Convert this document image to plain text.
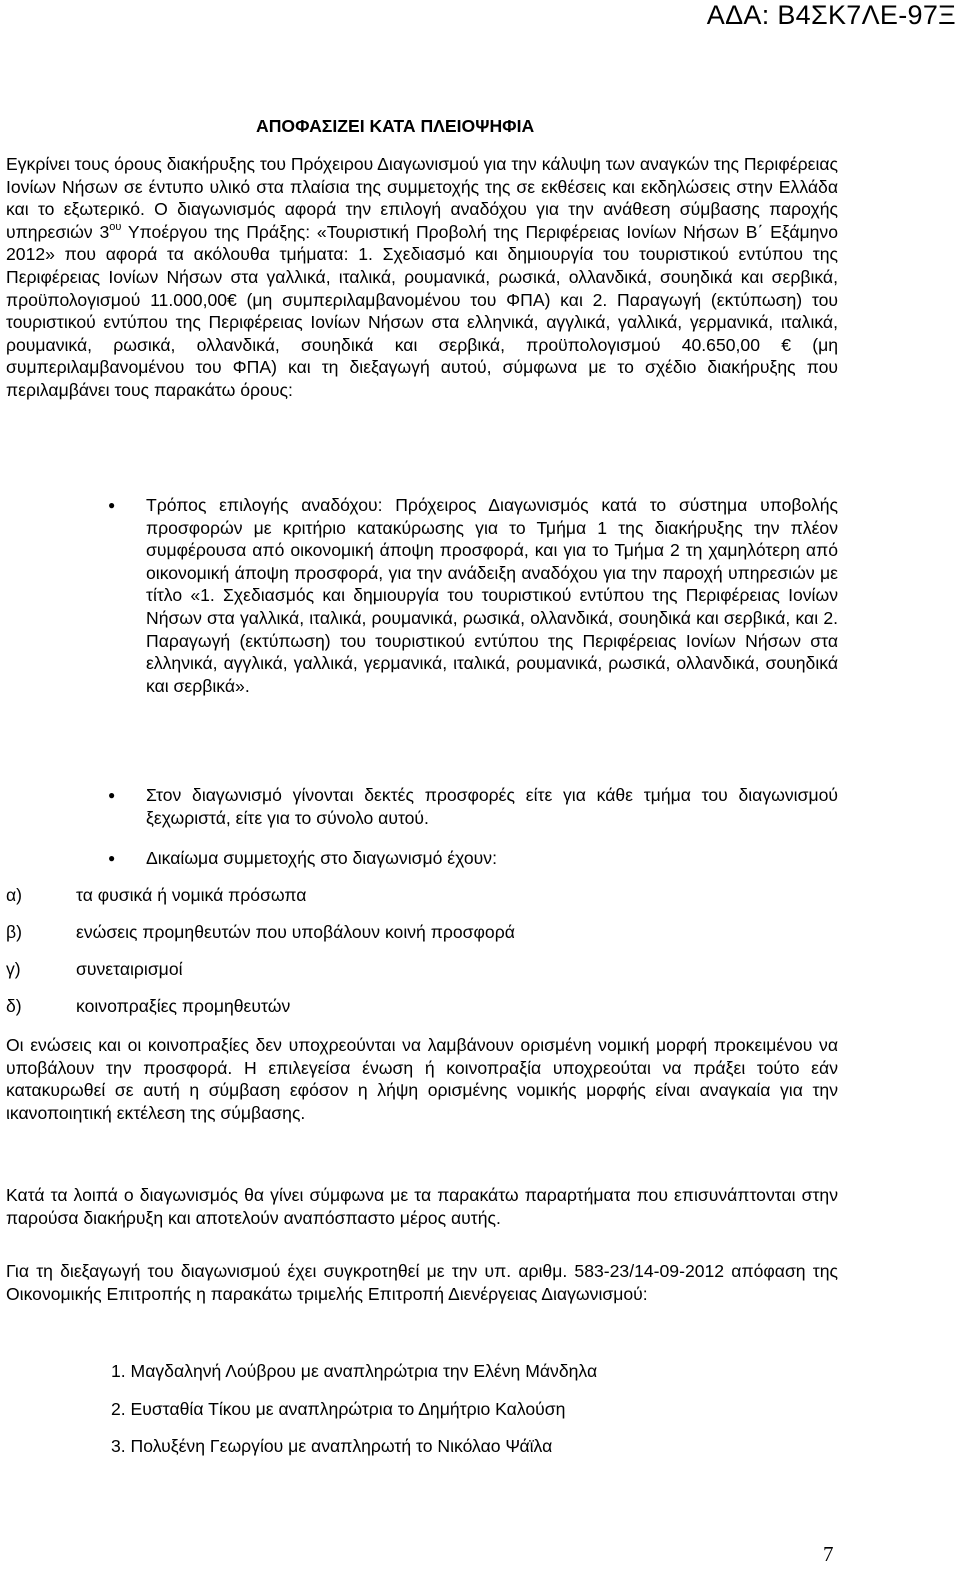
ΑΔΑ: Β4ΣΚ7ΛΕ-97Ξ
ΑΠΟΦΑΣΙΖΕΙ ΚΑΤΑ ΠΛΕΙΟΨΗΦΙΑ
Εγκρίνει τους όρους διακήρυξης του Πρόχειρου Διαγωνισμού για την κάλυψη των αναγκών της Περιφέρειας Ιονίων Νήσων σε έντυπο υλικό στα πλαίσια της συμμετοχής της σε εκθέσεις και εκδηλώσεις στην Ελλάδα και το εξωτερικό. Ο διαγωνισμός αφορά την επιλογή αναδόχου για την ανάθεση σύμβασης παροχής υπηρεσιών $3^{o\upsilon}$ Υποέργου της Πράξης: «Τουριστική Προβολή της Περιφέρειας Ιονίων Νήσων Β΄ Εξάμηνο 2012» που αφορά τα ακόλουθα τμήματα: 1. Σχεδιασμό και δημιουργία του τουριστικού εντύπου της Περιφέρειας Ιονίων Νήσων στα γαλλικά, ιταλικά, ρουμανικά, ρωσικά, ολλανδικά, σουηδικά και σερβικά, προϋπολογισμού 11.000,00€ (μη συμπεριλαμβανομένου του ΦΠΑ) και 2. Παραγωγή (εκτύπωση) του τουριστικού εντύπου της Περιφέρειας Ιονίων Νήσων στα ελληνικά, αγγλικά, γαλλικά, γερμανικά, ιταλικά, ρουμανικά, ρωσικά, ολλανδικά, σουηδικά και σερβικά, προϋπολογισμού 40.650,00 € (μη συμπεριλαμβανομένου του ΦΠΑ) και τη διεξαγωγή αυτού, σύμφωνα με το σχέδιο διακήρυξης που περιλαμβάνει τους παρακάτω όρους:
● Τρόπος επιλογής αναδόχου: Πρόχειρος Διαγωνισμός κατά το σύστημα υποβολής προσφορών με κριτήριο κατακύρωσης για το Τμήμα 1 της διακήρυξης την πλέον συμφέρουσα από οικονομική άποψη προσφορά, και για το Τμήμα 2 τη χαμηλότερη από οικονομική άποψη προσφορά, για την ανάδειξη αναδόχου για την παροχή υπηρεσιών με τίτλο «1. Σχεδιασμός και δημιουργία του τουριστικού εντύπου της Περιφέρειας Ιονίων Νήσων στα γαλλικά, ιταλικά, ρουμανικά, ρωσικά, ολλανδικά, σουηδικά και σερβικά, και 2. Παραγωγή (εκτύπωση) του τουριστικού εντύπου της Περιφέρειας Ιονίων Νήσων στα ελληνικά, αγγλικά, γαλλικά, γερμανικά, ιταλικά, ρουμανικά, ρωσικά, ολλανδικά, σουηδικά και σερβικά».
● Στον διαγωνισμό γίνονται δεκτές προσφορές είτε για κάθε τμήμα του διαγωνισμού ξεχωριστά, είτε για το σύνολο αυτού.
● Δικαίωμα συμμετοχής στο διαγωνισμό έχουν:
α)	τα φυσικά ή νομικά πρόσωπα
β)	ενώσεις προμηθευτών που υποβάλουν κοινή προσφορά
γ)	συνεταιρισμοί
δ)	κοινοπραξίες προμηθευτών
Οι ενώσεις και οι κοινοπραξίες δεν υποχρεούνται να λαμβάνουν ορισμένη νομική μορφή προκειμένου να υποβάλουν την προσφορά. Η επιλεγείσα ένωση ή κοινοπραξία υποχρεούται να πράξει τούτο εάν κατακυρωθεί σε αυτή η σύμβαση εφόσον η λήψη ορισμένης νομικής μορφής είναι αναγκαία για την ικανοποιητική εκτέλεση της σύμβασης.
Κατά τα λοιπά ο διαγωνισμός θα γίνει σύμφωνα με τα παρακάτω παραρτήματα που επισυνάπτονται στην παρούσα διακήρυξη και αποτελούν αναπόσπαστο μέρος αυτής.
Για τη διεξαγωγή του διαγωνισμού έχει συγκροτηθεί με την υπ. αριθμ. 583-23/14-09-2012 απόφαση της Οικονομικής Επιτροπής η παρακάτω τριμελής Επιτροπή Διενέργειας Διαγωνισμού:
1. Μαγδαληνή Λούβρου με αναπληρώτρια την Ελένη Μάνδηλα
2. Ευσταθία Τίκου με αναπληρώτρια το Δημήτριο Καλούση
3. Πολυξένη Γεωργίου με αναπληρωτή το Νικόλαο Ψάϊλα
7
